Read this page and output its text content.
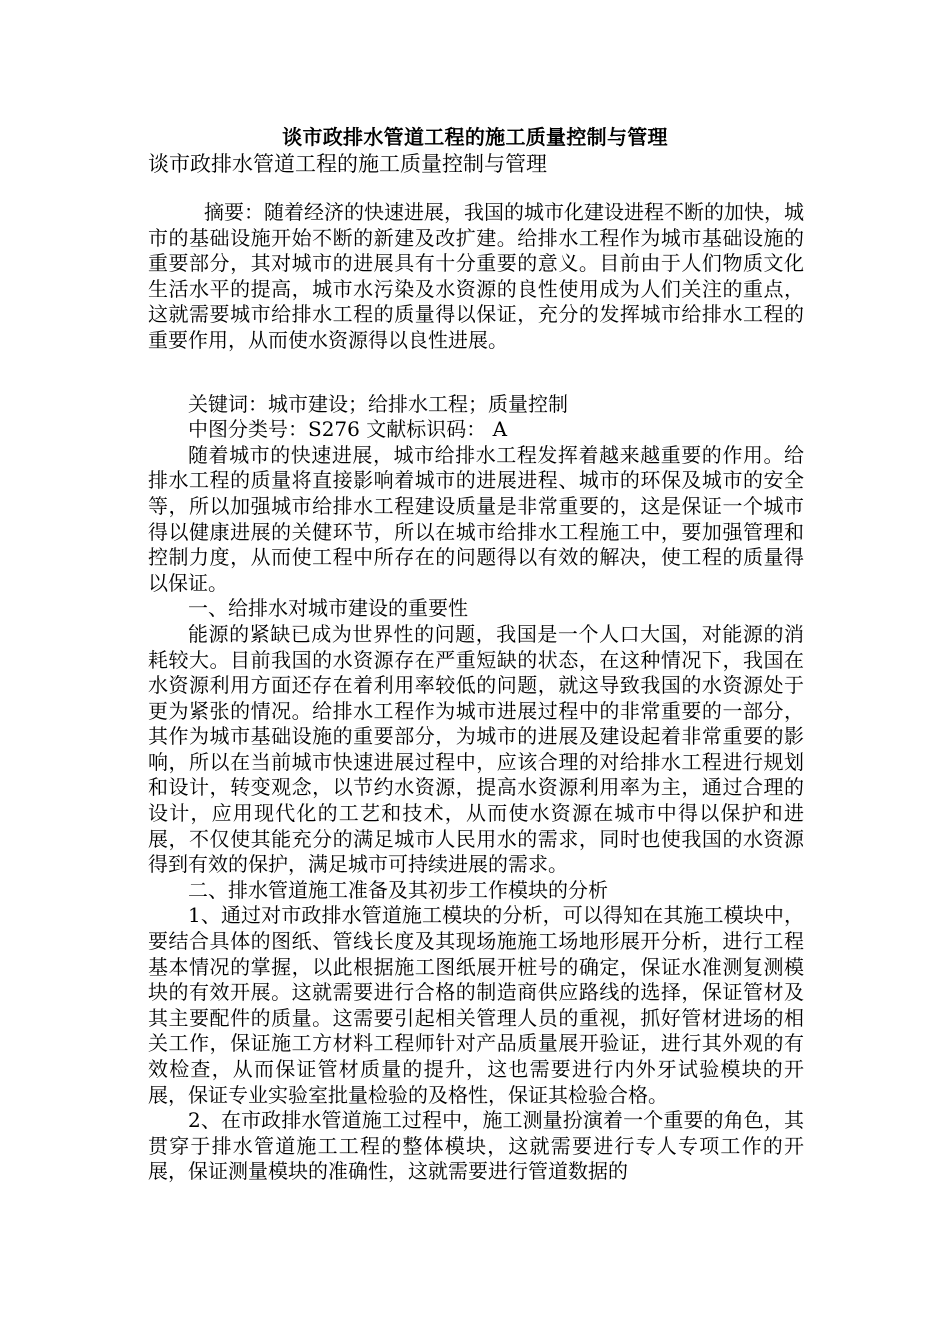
谈市政排水管道工程的施工质量控制与管理
谈市政排水管道工程的施工质量控制与管理

摘要：随着经济的快速进展，我国的城市化建设进程不断的加快，城市的基础设施开始不断的新建及改扩建。给排水工程作为城市基础设施的重要部分，其对城市的进展具有十分重要的意义。目前由于人们物质文化生活水平的提高，城市水污染及水资源的良性使用成为人们关注的重点，这就需要城市给排水工程的质量得以保证，充分的发挥城市给排水工程的重要作用，从而使水资源得以良性进展。

关键词：城市建设；给排水工程；质量控制

中图分类号：S276 文献标识码： A

随着城市的快速进展，城市给排水工程发挥着越来越重要的作用。给排水工程的质量将直接影响着城市的进展进程、城市的环保及城市的安全等，所以加强城市给排水工程建设质量是非常重要的，这是保证一个城市得以健康进展的关健环节，所以在城市给排水工程施工中，要加强管理和控制力度，从而使工程中所存在的问题得以有效的解决，使工程的质量得以保证。

一、给排水对城市建设的重要性

能源的紧缺已成为世界性的问题，我国是一个人口大国，对能源的消耗较大。目前我国的水资源存在严重短缺的状态，在这种情况下，我国在水资源利用方面还存在着利用率较低的问题，就这导致我国的水资源处于更为紧张的情况。给排水工程作为城市进展过程中的非常重要的一部分，其作为城市基础设施的重要部分，为城市的进展及建设起着非常重要的影响，所以在当前城市快速进展过程中，应该合理的对给排水工程进行规划和设计，转变观念，以节约水资源，提高水资源利用率为主，通过合理的设计，应用现代化的工艺和技术，从而使水资源在城市中得以保护和进展，不仅使其能充分的满足城市人民用水的需求，同时也使我国的水资源得到有效的保护，满足城市可持续进展的需求。

二、排水管道施工准备及其初步工作模块的分析

1、通过对市政排水管道施工模块的分析，可以得知在其施工模块中，要结合具体的图纸、管线长度及其现场施施工场地形展开分析，进行工程基本情况的掌握，以此根据施工图纸展开桩号的确定，保证水准测复测模块的有效开展。这就需要进行合格的制造商供应路线的选择，保证管材及其主要配件的质量。这需要引起相关管理人员的重视，抓好管材进场的相关工作，保证施工方材料工程师针对产品质量展开验证，进行其外观的有效检查，从而保证管材质量的提升，这也需要进行内外牙试验模块的开展，保证专业实验室批量检验的及格性，保证其检验合格。

2、在市政排水管道施工过程中，施工测量扮演着一个重要的角色，其贯穿于排水管道施工工程的整体模块，这就需要进行专人专项工作的开展，保证测量模块的准确性，这就需要进行管道数据的
